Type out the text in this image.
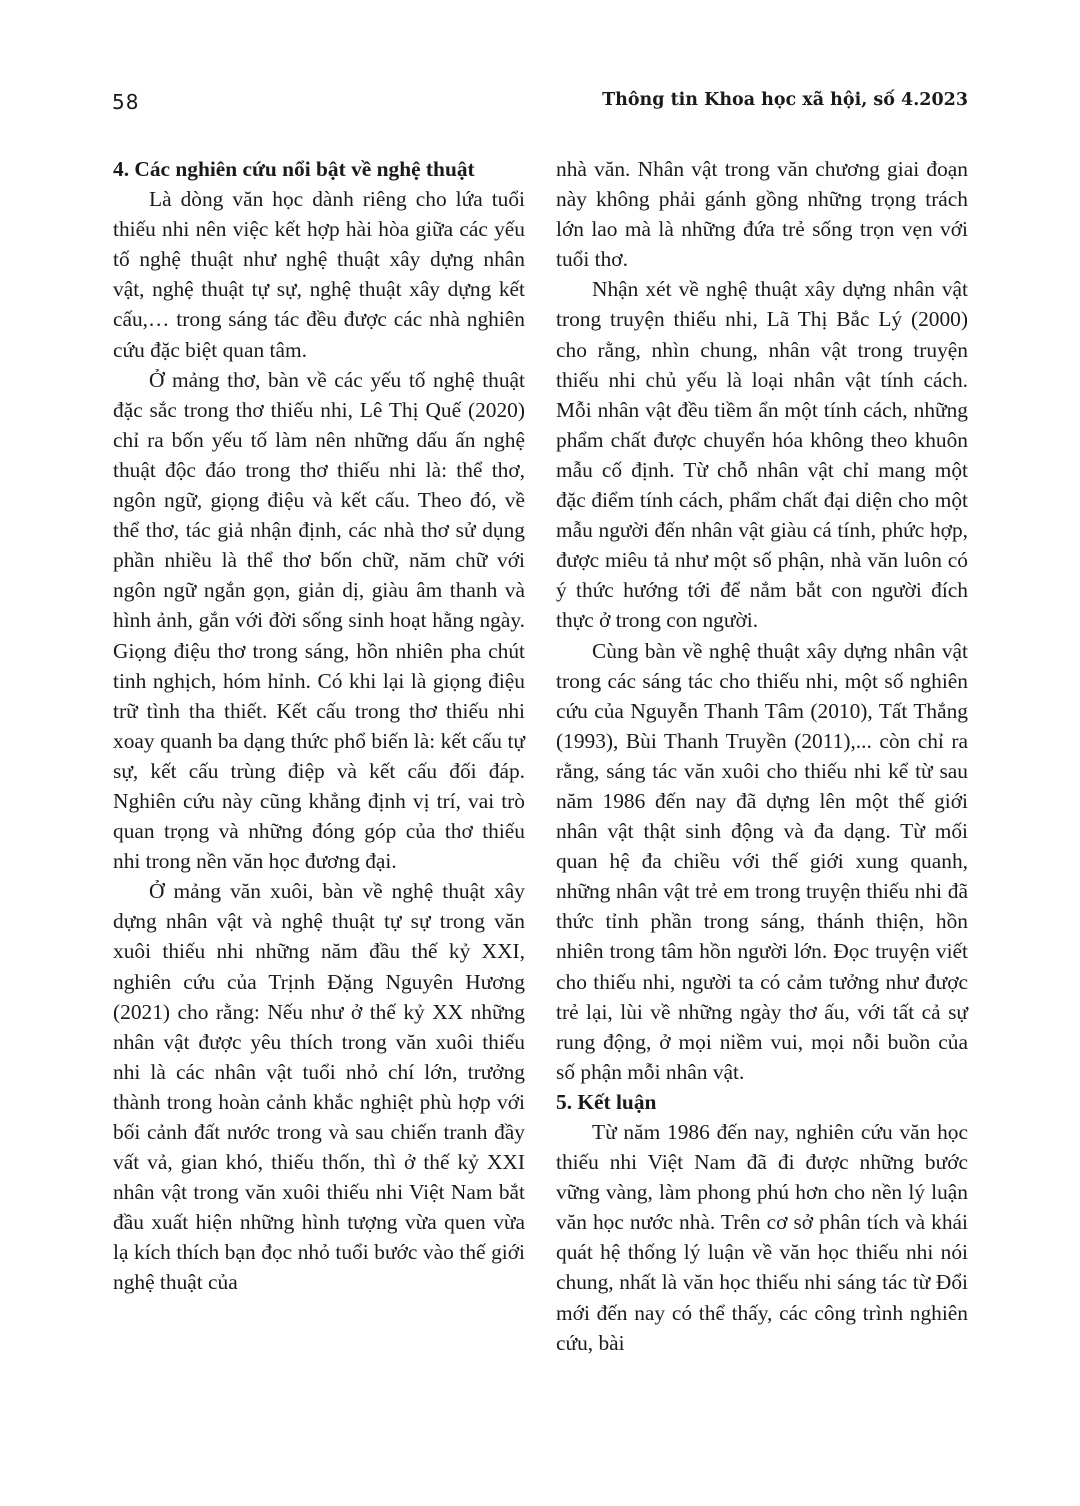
58	Thông tin Khoa học xã hội, số 4.2023
4. Các nghiên cứu nổi bật về nghệ thuật

Là dòng văn học dành riêng cho lứa tuổi thiếu nhi nên việc kết hợp hài hòa giữa các yếu tố nghệ thuật như nghệ thuật xây dựng nhân vật, nghệ thuật tự sự, nghệ thuật xây dựng kết cấu,… trong sáng tác đều được các nhà nghiên cứu đặc biệt quan tâm.

Ở mảng thơ, bàn về các yếu tố nghệ thuật đặc sắc trong thơ thiếu nhi, Lê Thị Quế (2020) chỉ ra bốn yếu tố làm nên những dấu ấn nghệ thuật độc đáo trong thơ thiếu nhi là: thể thơ, ngôn ngữ, giọng điệu và kết cấu. Theo đó, về thể thơ, tác giả nhận định, các nhà thơ sử dụng phần nhiều là thể thơ bốn chữ, năm chữ với ngôn ngữ ngắn gọn, giản dị, giàu âm thanh và hình ảnh, gắn với đời sống sinh hoạt hằng ngày. Giọng điệu thơ trong sáng, hồn nhiên pha chút tinh nghịch, hóm hỉnh. Có khi lại là giọng điệu trữ tình tha thiết. Kết cấu trong thơ thiếu nhi xoay quanh ba dạng thức phổ biến là: kết cấu tự sự, kết cấu trùng điệp và kết cấu đối đáp. Nghiên cứu này cũng khẳng định vị trí, vai trò quan trọng và những đóng góp của thơ thiếu nhi trong nền văn học đương đại.

Ở mảng văn xuôi, bàn về nghệ thuật xây dựng nhân vật và nghệ thuật tự sự trong văn xuôi thiếu nhi những năm đầu thế kỷ XXI, nghiên cứu của Trịnh Đặng Nguyên Hương (2021) cho rằng: Nếu như ở thế kỷ XX những nhân vật được yêu thích trong văn xuôi thiếu nhi là các nhân vật tuổi nhỏ chí lớn, trưởng thành trong hoàn cảnh khắc nghiệt phù hợp với bối cảnh đất nước trong và sau chiến tranh đầy vất vả, gian khó, thiếu thốn, thì ở thế kỷ XXI nhân vật trong văn xuôi thiếu nhi Việt Nam bắt đầu xuất hiện những hình tượng vừa quen vừa lạ kích thích bạn đọc nhỏ tuổi bước vào thế giới nghệ thuật của

nhà văn. Nhân vật trong văn chương giai đoạn này không phải gánh gồng những trọng trách lớn lao mà là những đứa trẻ sống trọn vẹn với tuổi thơ.

Nhận xét về nghệ thuật xây dựng nhân vật trong truyện thiếu nhi, Lã Thị Bắc Lý (2000) cho rằng, nhìn chung, nhân vật trong truyện thiếu nhi chủ yếu là loại nhân vật tính cách. Mỗi nhân vật đều tiềm ẩn một tính cách, những phẩm chất được chuyển hóa không theo khuôn mẫu cố định. Từ chỗ nhân vật chỉ mang một đặc điểm tính cách, phẩm chất đại diện cho một mẫu người đến nhân vật giàu cá tính, phức hợp, được miêu tả như một số phận, nhà văn luôn có ý thức hướng tới để nắm bắt con người đích thực ở trong con người.

Cùng bàn về nghệ thuật xây dựng nhân vật trong các sáng tác cho thiếu nhi, một số nghiên cứu của Nguyễn Thanh Tâm (2010), Tất Thắng (1993), Bùi Thanh Truyền (2011),... còn chỉ ra rằng, sáng tác văn xuôi cho thiếu nhi kể từ sau năm 1986 đến nay đã dựng lên một thế giới nhân vật thật sinh động và đa dạng. Từ mối quan hệ đa chiều với thế giới xung quanh, những nhân vật trẻ em trong truyện thiếu nhi đã thức tỉnh phần trong sáng, thánh thiện, hồn nhiên trong tâm hồn người lớn. Đọc truyện viết cho thiếu nhi, người ta có cảm tưởng như được trẻ lại, lùi về những ngày thơ ấu, với tất cả sự rung động, ở mọi niềm vui, mọi nỗi buồn của số phận mỗi nhân vật.

5. Kết luận

Từ năm 1986 đến nay, nghiên cứu văn học thiếu nhi Việt Nam đã đi được những bước vững vàng, làm phong phú hơn cho nền lý luận văn học nước nhà. Trên cơ sở phân tích và khái quát hệ thống lý luận về văn học thiếu nhi nói chung, nhất là văn học thiếu nhi sáng tác từ Đổi mới đến nay có thể thấy, các công trình nghiên cứu, bài
